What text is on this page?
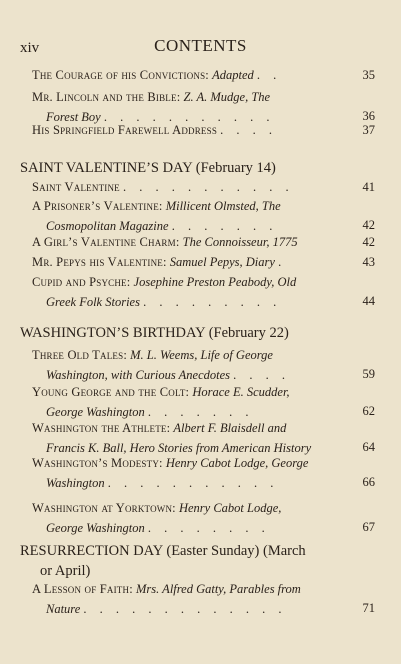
xiv	CONTENTS
The Courage of his Convictions: Adapted . .	35
Mr. Lincoln and the Bible: Z. A. Mudge, The
Forest Boy . . . . . . . . . . .	36
His Springfield Farewell Address . . . .	37
SAINT VALENTINE’S DAY (February 14)
Saint Valentine . . . . . . . . . . .	41
A Prisoner’s Valentine: Millicent Olmsted, The
Cosmopolitan Magazine . . . . . . .	42
A Girl’s Valentine Charm: The Connoisseur, 1775	42
Mr. Pepys his Valentine: Samuel Pepys, Diary .	43
Cupid and Psyche: Josephine Preston Peabody, Old
Greek Folk Stories . . . . . . . . .	44
WASHINGTON’S BIRTHDAY (February 22)
Three Old Tales: M. L. Weems, Life of George
Washington, with Curious Anecdotes . . . .	59
Young George and the Colt: Horace E. Scudder,
George Washington . . . . . . .	62
Washington the Athlete: Albert F. Blaisdell and
Francis K. Ball, Hero Stories from American History	64
Washington’s Modesty: Henry Cabot Lodge, George
Washington . . . . . . . . . . .	66
Washington at Yorktown: Henry Cabot Lodge,
George Washington . . . . . . . .	67
RESURRECTION DAY (Easter Sunday) (March
or April)
A Lesson of Faith: Mrs. Alfred Gatty, Parables from
Nature . . . . . . . . . . . . .	71
